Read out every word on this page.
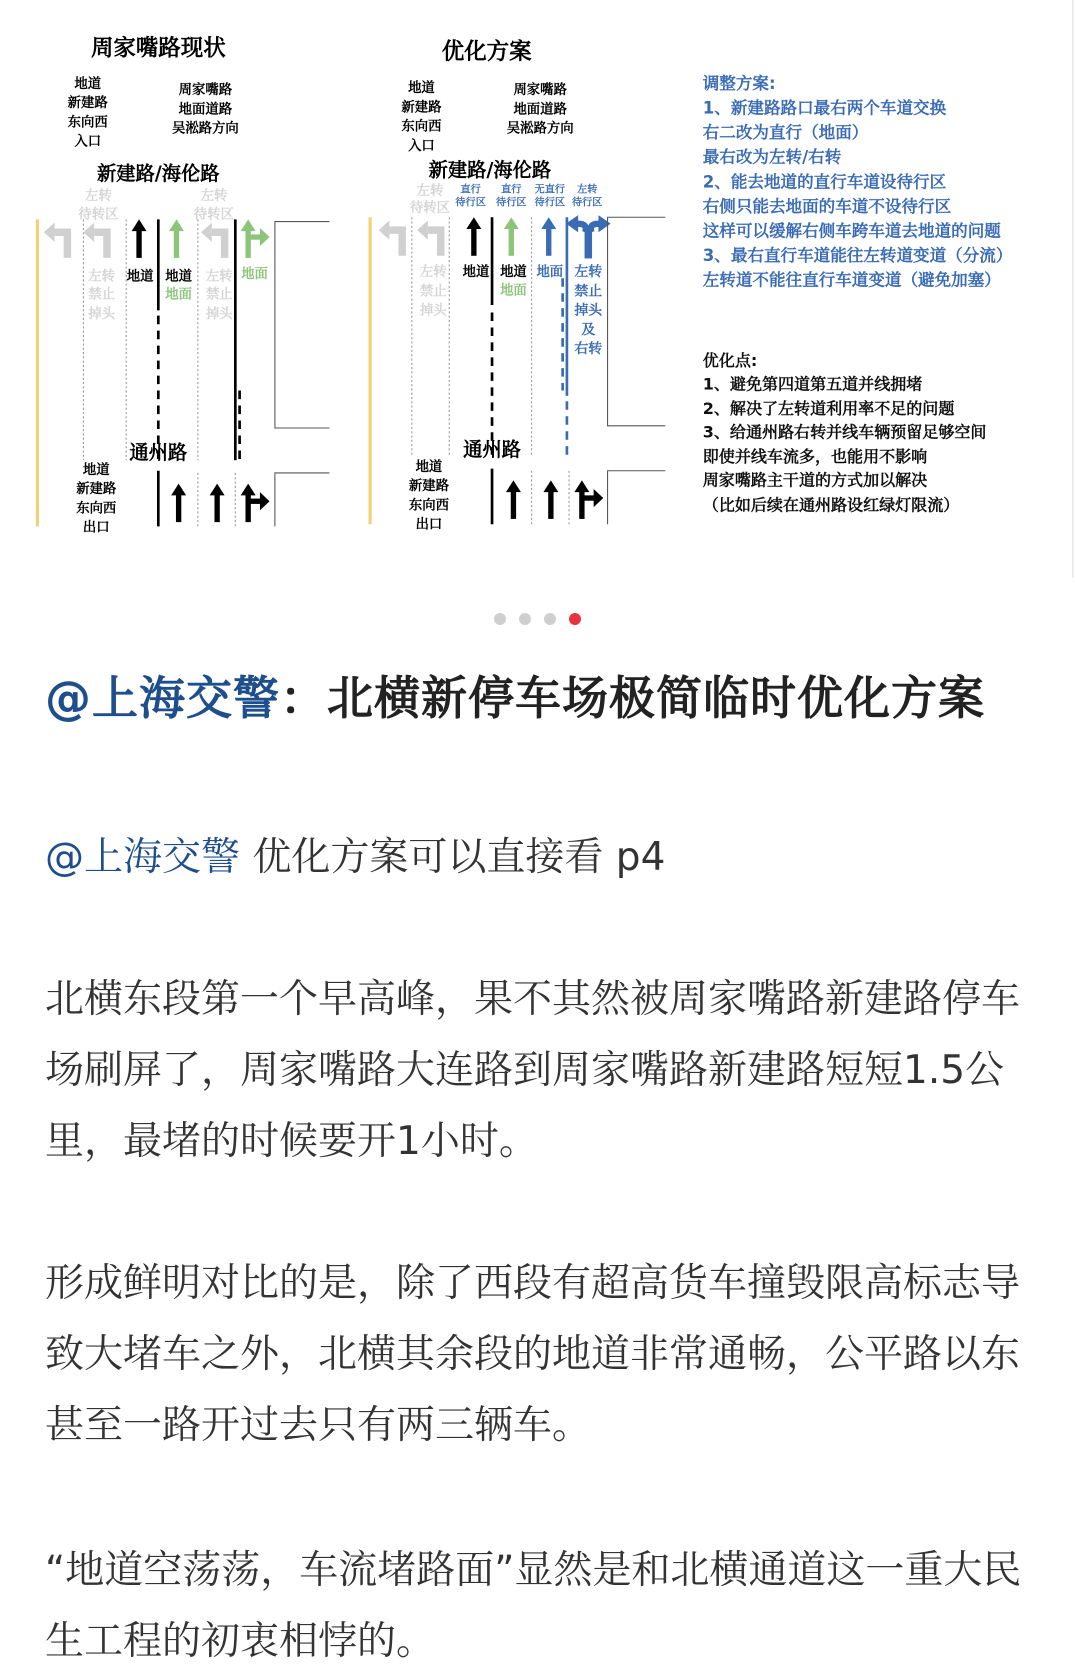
周家嘴路现状
地道
新建路
东向西
入口
周家嘴路
地面道路
吴淞路方向
新建路/海伦路
左转
待转区
左转
待转区
左转
禁止
掉头
左转
禁止
掉头
地道 地道
地面
地面
通州路
地道
新建路
东向西
出口
优化方案
地道
新建路
东向西
入口
周家嘴路
地面道路
吴淞路方向
新建路/海伦路
左转
待转区
左转
禁止
掉头
直行
待行区
直行
待行区
无直行
待行区
左转
待行区
地道 地道
地面
地面 左转
禁止
掉头
及
右转
通州路
地道
新建路
东向西
出口
调整方案:
1、新建路路口最右两个车道交换
右二改为直行（地面）
最右改为左转/右转
2、能去地道的直行车道设待行区
右侧只能去地面的车道不设待行区
这样可以缓解右侧车跨车道去地道的问题
3、最右直行车道能往左转道变道（分流）
左转道不能往直行车道变道（避免加塞）
优化点:
1、避免第四道第五道并线拥堵
2、解决了左转道利用率不足的问题
3、给通州路右转并线车辆预留足够空间
即使并线车流多，也能用不影响
周家嘴路主干道的方式加以解决
（比如后续在通州路设红绿灯限流）
@上海交警：北横新停车场极简临时优化方案
@上海交警 优化方案可以直接看 p4
北横东段第一个早高峰，果不其然被周家嘴路新建路停车场刷屏了，周家嘴路大连路到周家嘴路新建路短短1.5公里，最堵的时候要开1小时。
形成鲜明对比的是，除了西段有超高货车撞毁限高标志导致大堵车之外，北横其余段的地道非常通畅，公平路以东甚至一路开过去只有两三辆车。
“地道空荡荡，车流堵路面”显然是和北横通道这一重大民生工程的初衷相悖的。
